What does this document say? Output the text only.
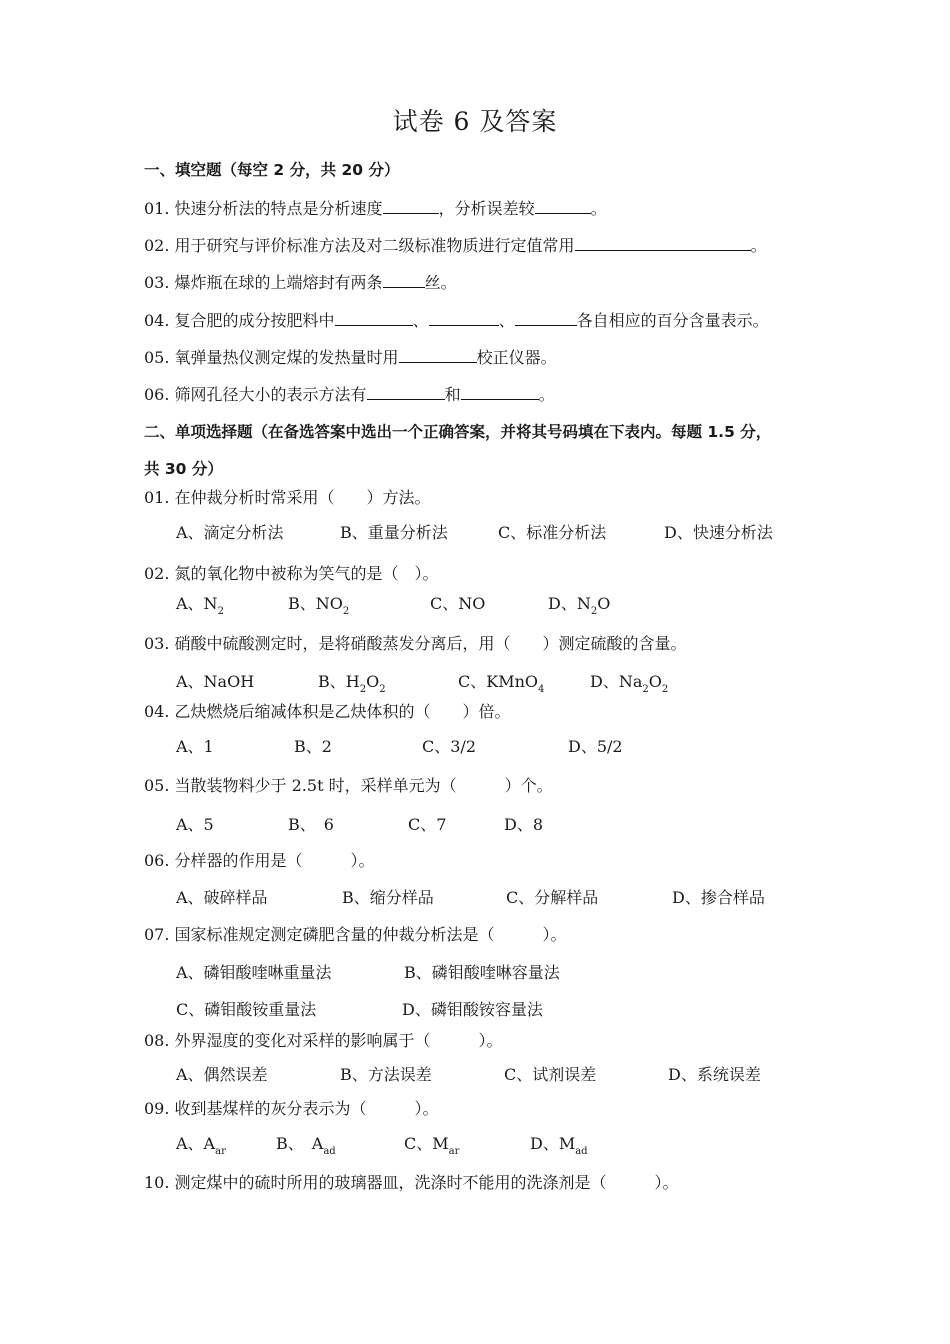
试卷 6 及答案
一、填空题（每空 2 分，共 20 分）
01. 快速分析法的特点是分析速度	，分析误差较	。
02. 用于研究与评价标准方法及对二级标准物质进行定值常用	。
03. 爆炸瓶在球的上端熔封有两条	丝。
04. 复合肥的成分按肥料中	、	、	各自相应的百分含量表示。
05. 氧弹量热仪测定煤的发热量时用	校正仪器。
06. 筛网孔径大小的表示方法有	和	。
二、单项选择题（在备选答案中选出一个正确答案，并将其号码填在下表内。每题 1.5 分，
共 30 分）
01. 在仲裁分析时常采用（　　）方法。
A、滴定分析法	B、重量分析法	C、标准分析法	D、快速分析法
02. 氮的氧化物中被称为笑气的是（　）。
A、$N_2$	B、$NO_2$	C、NO	D、$N_2O$
03. 硝酸中硫酸测定时，是将硝酸蒸发分离后，用（　　）测定硫酸的含量。
A、NaOH	B、$H_2O_2$	C、KMnO$_4$	D、$Na_2O_2$
04. 乙炔燃烧后缩减体积是乙炔体积的（　　）倍。
A、1	B、2	C、3/2	D、5/2
05. 当散装物料少于 2.5t 时，采样单元为（　　　）个。
A、5	B、　6	C、7	D、8
06. 分样器的作用是（　　　）。
A、破碎样品	B、缩分样品	C、分解样品	D、掺合样品
07. 国家标准规定测定磷肥含量的仲裁分析法是（　　　）。
A、磷钼酸喹啉重量法	B、磷钼酸喹啉容量法
C、磷钼酸铵重量法	D、磷钼酸铵容量法
08. 外界湿度的变化对采样的影响属于（　　　）。
A、偶然误差	B、方法误差	C、试剂误差	D、系统误差
09. 收到基煤样的灰分表示为（　　　）。
A、$A_{ar}$	B、　$A_{ad}$	C、$M_{ar}$	D、$M_{ad}$
10. 测定煤中的硫时所用的玻璃器皿，洗涤时不能用的洗涤剂是（　　　）。
